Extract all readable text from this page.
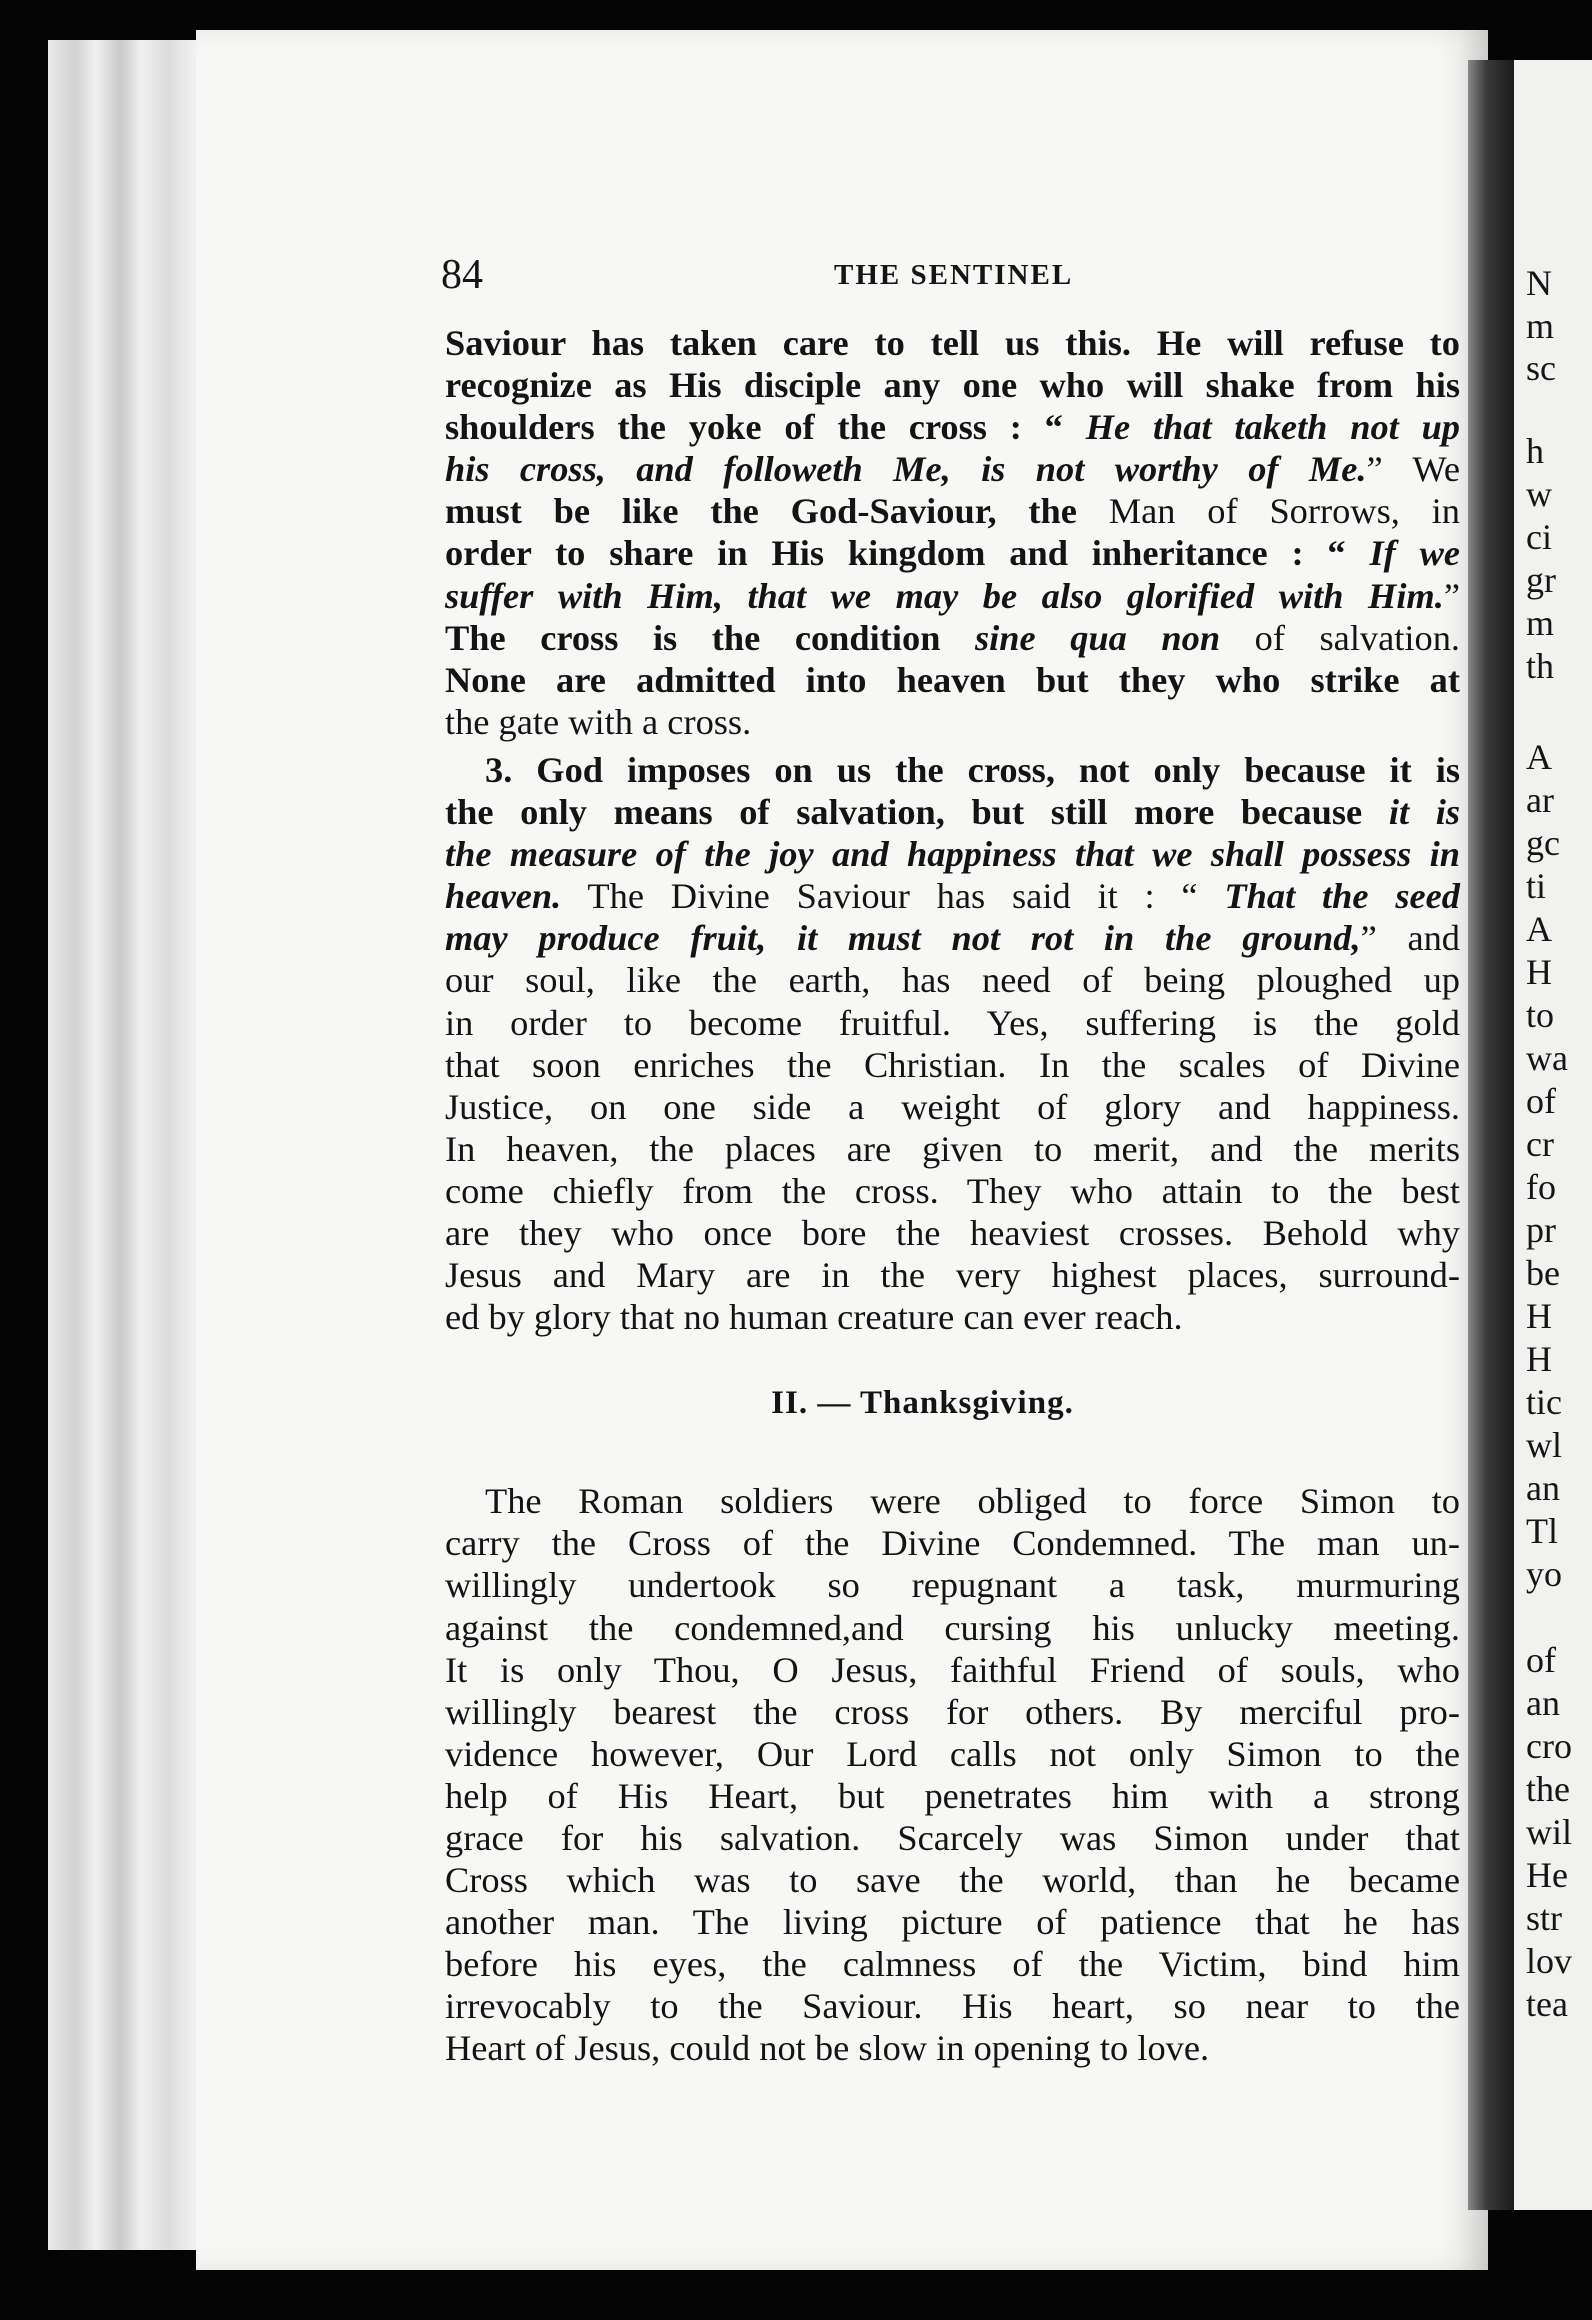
N
m
sc
h
w
ci
gr
m
th
A
ar
gc
ti
A
H
to
wa
of
cr
fo
pr
be
H
H
tic
wl
an
Tl
yo
of
an
cro
the
wil
He
str
lov
tea
84	THE SENTINEL
Saviour has taken care to tell us this. He will refuse to
recognize as His disciple any one who will shake from his
shoulders the yoke of the cross : “ He that taketh not up
his cross, and followeth Me, is not worthy of Me.” We
must be like the God-Saviour, the Man of Sorrows, in
order to share in His kingdom and inheritance : “ If we
suffer with Him, that we may be also glorified with Him.”
The cross is the condition sine qua non of salvation.
None are admitted into heaven but they who strike at
the gate with a cross.
3. God imposes on us the cross, not only because it is
the only means of salvation, but still more because it is
the measure of the joy and happiness that we shall possess in
heaven. The Divine Saviour has said it : “ That the seed
may produce fruit, it must not rot in the ground,” and
our soul, like the earth, has need of being ploughed up
in order to become fruitful. Yes, suffering is the gold
that soon enriches the Christian. In the scales of Divine
Justice, on one side a weight of glory and happiness.
In heaven, the places are given to merit, and the merits
come chiefly from the cross. They who attain to the best
are they who once bore the heaviest crosses. Behold why
Jesus and Mary are in the very highest places, surround-
ed by glory that no human creature can ever reach.
II. — Thanksgiving.
The Roman soldiers were obliged to force Simon to
carry the Cross of the Divine Condemned. The man un-
willingly undertook so repugnant a task, murmuring
against the condemned,and cursing his unlucky meeting.
It is only Thou, O Jesus, faithful Friend of souls, who
willingly bearest the cross for others. By merciful pro-
vidence however, Our Lord calls not only Simon to the
help of His Heart, but penetrates him with a strong
grace for his salvation. Scarcely was Simon under that
Cross which was to save the world, than he became
another man. The living picture of patience that he has
before his eyes, the calmness of the Victim, bind him
irrevocably to the Saviour. His heart, so near to the
Heart of Jesus, could not be slow in opening to love.
